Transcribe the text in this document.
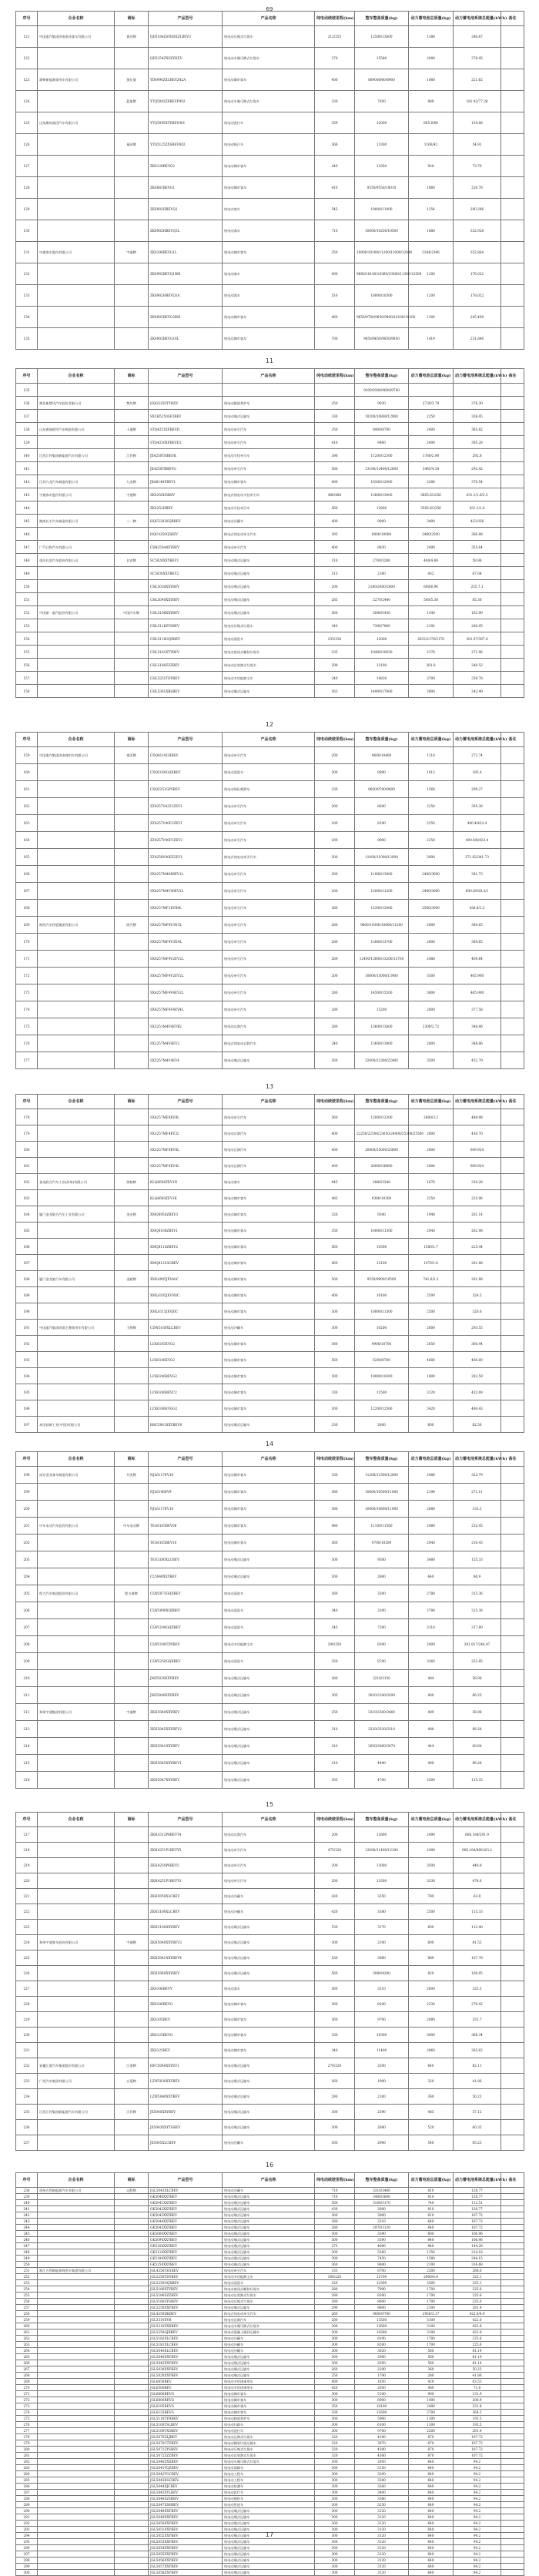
69
序号	企业名称	商标	产品型号	产品名称	纯电动续驶里程(km)	整车整备质量(kg)	动力蓄电池总质量(kg)	动力蓄电池系统总能量(kWh)	备注
121	中国重汽集团济南豪沃客车有限公司	黄河牌	QD5184ZSYHSXZ1BEV3	纯电动压缩式垃圾车	212/255	12500/13600	1388	246.67	
122			QD5254ZXSEYHEV	纯电动车厢可卸式垃圾车	270	15580	2080	378.45	
123	潍柴新能源商用车有限公司	奥仕驰	YD6990ZXCBEVZ42A	纯电动城市客车	400	8090/8000/8900	1080	221.62	
124		蓝象牌	YTQ5092ZXBEVP002	纯电动车厢可卸式垃圾车	330	7950	888	181.92/77.28	
125	山东潍坊福田汽车有限公司		YTQ5095XTYBEV001	纯电动洗扫车	359	12000	665.6/88	154.86	
126		福田牌	YTQ5125ZXSBEV002	纯电动吸污车	366	13300	1160/42	54.91	
127			ZK6128BEVG2	纯电动城市客车	240	11850	928	73.76	
128			ZK6881BEVG1	纯电动城市客车	410	9350/9550/10010	1860	220.78	
129			ZK6902HBEVQ1	纯电动客车	545	10000/11000	1254	200.296	
130			ZK6902HBEVQ3L	纯电动客车	710	10000/10200/10500	1888	332.928	
131	中通客车股份有限公司	宇通牌	ZK6106BEVG1L	纯电动城市客车	350	10000/10100/11200/12000/12440	2184/2396	352.864	
132			ZK6902BEVQ1BM	纯电动客车	400	9660/10140/10360/10560/11300/12500	1200	176.022	
133			ZK6902HBEVQ18	纯电动客车	510	10000/10500	1200	178.022	
134			ZK6902BEVG2BM	纯电动城市客车	460	9650/9700/9850/9800/10100/10200	1300	245.400	
135			ZK6902BEVG10L	纯电动城市客车	700	9050/9650/9850/9850	1419	231.840	
11
序号	企业名称	商标	产品型号	产品名称	纯电动续驶里程(km)	整车整备质量(kg)	动力蓄电池总质量(kg)	动力蓄电池系统总能量(kWh)	备注
135						9100/9300/9600/9700			
136	湖北新楚风汽车股份有限公司	楚风牌	HQG5250TYHEV	纯电动路面养护车	250	9030	2730/3.79	376.30	
137			SX2H5250SF2BEV	纯电动厢式运输车	330	10200/10800/12000	2250	338.45	
138	山东唐骏欧铃汽车制造有限公司	十通牌	STQ4251XFBEVD	纯电动牵引汽车	350	8400/8700	2400	385.82	
139			STQ4250XFBEVD2	纯电动牵引汽车	410	9400	2400	395.28	
140	江西江铃集团新能源汽车有限公司	江铃牌	JX4250THBEVK	纯电动半挂牵引车	396	11200/12300	1780/2.90	292.8	
141			JX4250TBBEVG	纯电动牵引汽车	580	13100/12400/12800	3465/4.34	292.42	
142	江苏九龙汽车制造有限公司	九龙牌	JKA6140FBEV1	纯电动城市客车	400	10300/12000	2286	370.54	
143	宇通客车股份有限公司	宇通牌	ZK4250H5BEV	换电式纯电动半挂牵引车	480/480	13800/13000	3665.6/3256	431.1/1.6/2.5	
144			ZK4252HBEV	纯电动半挂牵引车	560	12800	3565.6/3256	431.1/1.6	
145	湖南长丰汽车制造有限公司	三一牌	HQC5202KQRBEV	纯电动冷藏车	400	9000	3400	423.936	
146			HQC4250Q5BEV	换电式纯电动牵引汽车	395	6000/10000	2460/2500	366.88	
147	广汽日野汽车有限公司		CH4250A8EYBEV	纯电动牵引汽车	400	8830	2490	355.64	
148	重庆长安汽车股份有限公司	长安牌	SC5026XXYBEV1	纯电动厢式运输车	310	2700/3200	400/4.88	58.98	
149			SC5030XXYBEV2	纯电动厢式运输车	315	2160	432	67.04	
150			CHL5030XXYBEV	纯电动厢式运输车	200	2180/2600/2800	600/6.96	255.7.1	
151			CHL5040XXYBEV	纯电动厢式运输车	285	2270/2440	500/5.38	85.36	
152	中国第一重汽股份有限公司	中国汽车牌	CHL5108XXYBEV	纯电动厢式运输车	360	5080/5430	1340	162.90	
153			CHL5116ZYSBEV	纯电动压缩式垃圾车	240	7300/7800	2192	240.95	
154			CHL5110GQXBEV	纯电动清洗车	235/330	12000	2632/2178/2178	301.07/387.4	
155			CHL5161XTYBEV	纯电动密闭式桶装垃圾车	235	10400/10650	2178	271.96	
156			CHL5180ZZZBEV	纯电动自装卸式垃圾车	298	12100	281.8	248.52	
157			CHL5251TDYBEV	纯电动多功能抑尘车	240	14830	3700	339.78	
158			CHL5361XBSBEV	纯电动厢式运输车	363	14900/17000	2800	242.49	
12
序号	企业名称	商标	产品型号	产品名称	纯电动续驶里程(km)	整车整备质量(kg)	动力蓄电池总质量(kg)	动力蓄电池系统总能量(kWh)	备注
159	中国重汽集团济南商用车有限公司	豪沃牌	CDQ4110CHBEV	纯电动牵引汽车	200	9600/10400	1210	272.74	
160			CDQ5160GQXBEV	纯电动清洗车	200	8900	1612	185.4	
161			CDQ5251GPSBEV	纯电动绿化喷洒车	230	9600/9700/9800	1568	299.27	
162			ZZ4257V4251ZEV1	纯电动牵引汽车	300	8600	2250	395.36	
163			ZZ4257V40F1ZEV1	纯电动牵引汽车	200	8100	2250	400.4/422.4	
164			ZZ4257V40F1ZEV2	纯电动牵引汽车	200	9000	2250	400.4/8/422.4	
165			ZZ4258V40EZ2EV1	换电式纯电动牵引汽车	300	11000/11000/12000	3000	271.62/341.73	
166			SX4257M404BEV1L	纯电动牵引汽车	300	11000/13000	2400/3600	341.73	
167			SX4257M4V40EV2L	纯电动牵引汽车	200	12000/11200	2400/3000	600.8/928.3/1	
168			SX4257MF1EVB4L	纯电动牵引汽车	280	12300/13000	2580/3000	428.8/1.2	
169	陕西汽车控股集团有限公司	陕汽牌	SX4257MF4V3N3L	纯电动牵引汽车	280	9800/10300/10600/11200	2800	384.65	
170			SX4257MF4V3N4L	纯电动牵引汽车	280	13000/13700	2800	384.65	
171			SX4257MF4V2EV2L	纯电动牵引汽车	289	12400/13000/13200/13700	2488	409.64	
172			SX4257MF4V2EV2L	纯电动牵引汽车	200	10600/13000/13900	3300	465.900	
173			SX4257MF4V4EV2L	纯电动牵引汽车	280	14500/15200	3800	465.900	
174			SX4257MF4V4EV4L	纯电动牵引汽车	280	15200	2800	377.58	
175			SX3251M4V4EVB2	纯电动自卸汽车	280	13600/13800	2300/2.72	348.86	
176			SX3257M4V4EV2	换电式纯电动自卸汽车	240	13600/13800	2800	348.86	
177			SX5257M4V4EV4	纯电动厢式运输车	260	22000/22300/22400	3500	432.79	
13
序号	企业名称	商标	产品型号	产品名称	纯电动续驶里程(km)	整车整备质量(kg)	动力蓄电池总质量(kg)	动力蓄电池系统总能量(kWh)	备注
178			SX4257MF4EV8L	纯电动牵引汽车	360	12000/12300	2800/3.2	488.98	
179			SX3257MF4EV2L	纯电动自卸汽车	400	22250/22500/23650/24400/25300/25500	2800	430.70	
180			SX3257MF4EV8L	纯电动自卸汽车	400	20800/25000/25600	2800	609.924	
181			SX3257MF4EV4L	纯电动自卸汽车	400	26000/26800	2800	609.924	
182	金龙联合汽车工业(苏州)有限公司	海格牌	KLQ6606ZEV1N	纯电动客车	645	2880/3340	1876	310.28	
183			KLQ6600ZEV1K	纯电动城市客车	485	9380/10300	2350	225.06	
184	厦门金龙联合汽车工业有限公司	金龙牌	XMQ6950ZBEV3	纯电动城市客车	326	9300	1948	261.14	
185			XMQ6106ZBEV1	纯电动城市客车	350	10000/11300	2040	262.98	
186			XMQ6110ZBEV2	纯电动城市客车	560	10300	1580/1.7	225.44	
187			XMQ6125AGBEV	纯电动城市客车	460	12100	1470/1.6	281.88	
188	厦门金龙旅行车有限公司	金旅牌	XML6905JEVA0C	纯电动城市客车	500	9550/9900/10500	741.6/2.2	281.88	
189			XML6105JEVN0C	纯电动城市客车	400	10100	2500	324.5	
190			XML6115JEVJ0C	纯电动城市客车	300	10000/11300	2500	320.8	
191	中国重汽集团成都王牌商用车有限公司	王牌牌	CDW5160XLCBEV	纯电动冷藏车	300	10200	2800	293.55	
192			LCK6105EVG2	纯电动城市客车	360	9900/10700	2650	360.44	
193			LCK6106EVG2	纯电动城市客车	560	6200/6700	4680	406.00	
194			LCK6106BEVG2	纯电动城市客车	300	10000/10300	1800	282.59	
195			LCK6106BEVC2	纯电动城市客车	330	12500	3120	432.09	
196			LCK6106EVGG2	纯电动城市客车	300	12200/12500	3420	480.43	
197	本田技研工业(中国)有限公司		BHC5041XXYBEV8	纯电动厢式运输车	330	2600	600	82.56	
14
序号	企业名称	商标	产品型号	产品名称	纯电动续驶里程(km)	整车整备质量(kg)	动力蓄电池总质量(kg)	动力蓄电池系统总能量(kWh)	备注
198	南京金龙客车制造有限公司	开沃牌	NJL6117EV16	纯电动城市客车	330	11200/11500/12000	2488	323.79	
199			NJL6106EV9	纯电动城市客车	380	10000/10500/11000	2198	271.11	
200			NJL6117EV10	纯电动城市客车	380	10400/10800/11000	2888	133.3	
201	中车电动汽车股份有限公司	中车电动牌	TEG6105BEV08	纯电动城市客车	480	11100/11500	2480	232.45	
202			TEG6105BEV10	纯电动城市客车	360	9700/10200	2040	216.43	
203			TEG5180XLCBEV	纯电动厢式运输车	300	9500	3480	155.33	
204			CL5040XXYBEV	纯电动厢式运输车	300	2600	640	86.9	
205	程力汽车集团股份有限公司	程力威牌	CLW5073GQXBEV	纯电动清洗车	360	3200	2788	315.36	
206			CLW5090XQXBEV	纯电动清洗车	340	3200	2788	315.36	
207			CLW5108GQXBEV	纯电动清洗车	345	7200	3110	317.89	
208			CLW5180TDYBEV	纯电动多功能抑尘车	200/350	8300	2400	261.817/246.47	
209			CLW5250GQXBEV	纯电动清洗车	350	8700	3360	253.85	
210			JMZ5030XXYBEV	纯电动厢式运输车	280	3210/3150	484	58.98	
211			JMZ5040XXYBEV	纯电动厢式运输车	305	3020/3100/3200	400	66.25	
212	郑州宇通集团有限公司	宇通牌	ZKH5040XXYBEV	纯电动厢式运输车	250	3310/3360/3460	409	58.98	
213			ZKH5045XXYBEV2	纯电动厢式运输车	310	3220/3320/3310	488	98.28	
214			ZKH5041XXYBEV	纯电动厢式运输车	310	3050/3060/3070	444	60.84	
215			ZKH5045XXYBEV1	纯电动厢式运输车	310	4440	488	98.28	
216			ZKH5047XXYBEV	纯电动厢式运输车	305	4700	2500	115.33	
15
序号	企业名称	商标	产品型号	产品名称	纯电动续驶里程(km)	整车整备质量(kg)	动力蓄电池总质量(kg)	动力蓄电池系统总能量(kWh)	备注
217			ZKH3312P6BEVT4	纯电动自卸汽车	200	12800	2490	606.184/291.9	
218			ZKH4251P1BEVY5	纯电动牵引汽车	475/220	12000/11400/12100	2490	606.184/408.8/3.2	
219			ZKH4250P6BEV5	纯电动牵引汽车	200	13000	3500	440.8	
220			ZKH4251P1BEVY3	纯电动牵引汽车	200	13300	3330	474.6	
221			ZKH5050XLCBEV	纯电动冷藏车	420	3250	780	63.8	
222			ZKH5100XLCBEV	纯电动冷藏车	420	3380	2500	115.33	
223			ZKH5100XXYBEV	纯电动厢式运输车	530	3170	600	112.40	
224	郑州宇通客车股份有限公司	宇通牌	ZKH5040XXYBEV3	纯电动厢式运输车	300	2100	600	81.52	
225			ZKH5041XXYBEV4	纯电动厢式运输车	530	3080	880	107.78	
226			ZKH5060XXYBEV	纯电动厢式运输车	560	3980/4200	820	100.05	
227			ZK6106BEVY	纯电动客车	360	3210	2600	325.3	
228			ZK6106BEVG	纯电动城市客车	360	8200	2230	279.42	
229			ZK6105BEV	纯电动城市客车	360	9700	2680	331.7	
230			ZK6125BEVG	纯电动城市客车	330	10300	3000	366.34	
231			ZK6125BEV	纯电动城市客车	340	11400	2860	365.62	
232	安徽江淮汽车集团股份有限公司	江淮牌	HFC5040XXYEV1	纯电动厢式运输车	270/320	2500	640	82.11	
233	广西汽车集团有限公司	五菱牌	LZW5030XXYBEV	纯电动厢式运输车	260	1900	320	41.86	
234			LZW5040XXYBEV	纯电动厢式运输车	280	2100	360	50.23	
235	江西江铃集团新能源汽车有限公司	江铃牌	JX5040XXYBEV	纯电动厢式运输车	300	2590	485	57.12	
236			JX5043XXYTGBEV	纯电动厢式运输车	300	2680	520	60.35	
237			JX5045XLCBEV	纯电动冷藏车	300	2900	540	65.25	
16
序号	企业名称	商标	产品型号	产品名称	纯电动续驶里程(km)	整车整备质量(kg)	动力蓄电池总质量(kg)	动力蓄电池系统总能量(kWh)	备注
238	贵州吉利新能源汽车有限公司	远程牌	JGL5043XLCBEV	纯电动冷藏车	710	3310/3460	810	128.77	
239			GK5040XXYBEV	纯电动厢式运输车	710	3400/3600	810	128.77	
240			GK5041XXYBEV	纯电动厢式运输车	300	3100/3170	740	112.51	
241			GK5042XXYBEV	纯电动厢式运输车	430	2800	810	128.77	
242			GK5043XXYBEV	纯电动厢式运输车	300	3060	610	107.72	
243			GK5044XXYBEV	纯电动厢式运输车	280	3210	640	107.72	
244			GK5045XXYBEV	纯电动厢式运输车	280	2970/3120	640	107.72	
245			GK5060XXYBEV	纯电动厢式运输车	300	3390	600	106.96	
246			GK5090XXYBEV	纯电动厢式运输车	300	3390	840	106.96	
247			GK5100XXYBEV	纯电动厢式运输车	275	4000	840	144.26	
248			GK5110XXYBEV	纯电动厢式运输车	300	5260	1350	214.18	
249			GK5180XXYBEV	纯电动厢式运输车	300	7450	1580	244.15	
250			GK5250XXYBEV	纯电动厢式运输车	360	9600	2100	316.68	
251	浙江吉利新能源商用车集团有限公司		JGL4250TH1BEV	纯电动牵引汽车	335	8700	2200	288.6	
252			JGL5250TDYBEV	纯电动多功能抑尘车	300/220	12700	2900/4.4	325.1	
253			JGL5250GQXBEV	纯电动清洗车	320	12300	3300	325.1	
254			JGL5180XTYBEV	纯电动密闭式桶装垃圾车	280	7990	1700	225.6	
255			JGL5180ZZZBEV	纯电动自装卸式垃圾车	280	8200	1700	225.6	
256			JGL5180ZYSBEV	纯电动压缩式垃圾车	280	8600	1700	225.6	
257			JGL5250XXYBEV	纯电动厢式运输车	290	9800	2100	281.4	
258			JGL4250DKBEV	换电式纯电动牵引汽车	260	9000/9700	2950/3.17	422.8/4.9	
259			JGL3310EVB	纯电动自卸汽车	200	13500	3100	422.8	
260			JGL5310ZXXBEV	纯电动车厢可卸式垃圾车	200	12600	3100	422.8	
261			JGL5250GJBBEV	纯电动混凝土搅拌运输车	200	14300	3100	422.8	
262			JGL5182XLCBEV	纯电动冷藏车	300	8100	1700	225.6	
263			JGL5181XLCBEV	纯电动冷藏车	300	8200	1700	225.6	
264			JGL5040XLCBEV	纯电动冷藏车	300	3020	560	81.14	
265			JGL5040XXYBEV	纯电动厢式运输车	300	2900	560	81.14	
266			JGL5045XXYBEV	纯电动厢式运输车	300	2950	560	81.14	
267			JGL5030XXYBEV	纯电动厢式运输车	260	2200	360	50.23	
268			JGL5020XXYBEV	纯电动厢式运输车	250	1700	280	41.86	
269			JGL6450BEV	纯电动多用途乘用车	400	1850	420	63.55	
270			JGL6500BEV	纯电动多用途乘用车	420	2050	480	71.8	
271			JGL6600BEVG	纯电动城市客车	300	5100	900	131.9	
272			JGL6800BEVG	纯电动城市客车	300	6900	1400	208.9	
273			JGL6105BEVG	纯电动城市客车	350	10100	2400	331.8	
274			JGL6125BEVG	纯电动城市客车	330	11600	2700	364.5	
275			JGL5110TYHBEV	纯电动路面养护车	300	5900	1300	193.5	
276			JGL5100TSLBEV	纯电动扫路车	300	6100	1300	193.5	
277			JGL5180TXSBEV	纯电动洗扫车	300	9700	2200	281.4	
278			JGL5070ZLJBEV	纯电动自卸式垃圾车	320	4100	870	107.72	
279			JGL5070CTYBEV	纯电动桶装垃圾运输车	320	3970	870	107.72	
280			JGL5071ZYSBEV	纯电动压缩式垃圾车	320	4390	870	107.72	
281			JGL5072ZZZBEV	纯电动自装卸式垃圾车	320	4300	870	107.72	
282			JGL5040ZXXBEV	纯电动车厢可卸式垃圾车	300	2950	640	94.2	
283			JGL5041TQZBEV	纯电动清障车	300	3150	640	94.2	
284			JGL5042TGCBEV	纯电动工程车	300	3200	640	94.2	
285			JGL5043XGCBEV	纯电动工程车	300	3300	640	94.2	
286			JGL5044XJCBEV	纯电动检测车	300	3260	640	94.2	
287			JGL5045XYLBEV	纯电动医疗车	300	3400	640	94.2	
288			JGL5046XZHBEV	纯电动指挥车	300	3360	640	94.2	
289			JGL5047XSHBEV	纯电动售货车	300	3250	640	94.2	
290			JGL5048XXYBEV	纯电动厢式运输车	300	3120	640	94.2	
291			JGL5049XXYBEV	纯电动厢式运输车	300	3120	640	94.2	
292			JGL5050XXYBEV	纯电动厢式运输车	300	3120	640	94.2	
293			JGL5051XXYBEV	纯电动厢式运输车	300	3120	640	94.2	
294			JGL5052XXYBEV	纯电动厢式运输车	300	3120	640	94.2	
295			JGL5053XXYBEV	纯电动厢式运输车	300	3120	640	94.2	
296			JGL5054XXYBEV	纯电动厢式运输车	300	3120	640	94.2	
297			JGL5055XXYBEV	纯电动厢式运输车	300	3120	640	94.2	
298			JGL5056XXYBEV	纯电动厢式运输车	300	3120	640	94.2	
299			JGL5057XXYBEV	纯电动厢式运输车	300	3120	640	94.2	
300			JGL5058XXYBEV	纯电动厢式运输车	300	3120	640	94.2	
17
